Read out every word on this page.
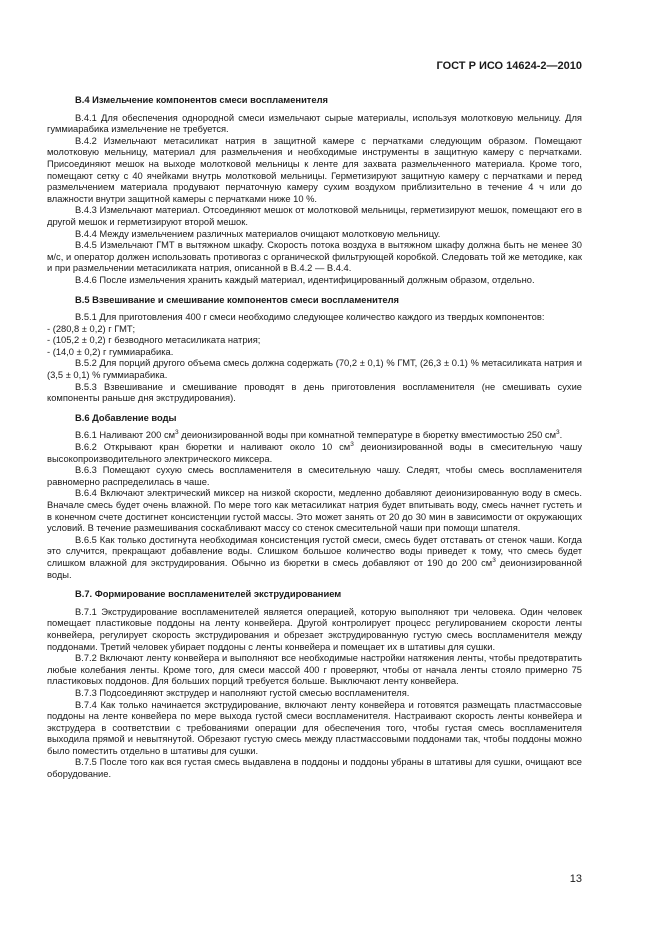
ГОСТ Р ИСО 14624-2—2010
В.4 Измельчение компонентов смеси воспламенителя

В.4.1 Для обеспечения однородной смеси измельчают сырые материалы, используя молотковую мельницу. Для гуммиарабика измельчение не требуется.

В.4.2 Измельчают метасиликат натрия в защитной камере с перчатками следующим образом. Помещают молотковую мельницу, материал для размельчения и необходимые инструменты в защитную камеру с перчатками. Присоединяют мешок на выходе молотковой мельницы к ленте для захвата размельченного материала. Кроме того, помещают сетку с 40 ячейками внутрь молотковой мельницы. Герметизируют защитную камеру с перчатками и перед размельчением материала продувают перчаточную камеру сухим воздухом приблизительно в течение 4 ч или до влажности внутри защитной камеры с перчатками ниже 10 %.

В.4.3 Измельчают материал. Отсоединяют мешок от молотковой мельницы, герметизируют мешок, помещают его в другой мешок и герметизируют второй мешок.

В.4.4 Между измельчением различных материалов очищают молотковую мельницу.

В.4.5 Измельчают ГМТ в вытяжном шкафу. Скорость потока воздуха в вытяжном шкафу должна быть не менее 30 м/с, и оператор должен использовать противогаз с органической фильтрующей коробкой. Следовать той же методике, как и при размельчении метасиликата натрия, описанной в В.4.2 — В.4.4.

В.4.6 После измельчения хранить каждый материал, идентифицированный должным образом, отдельно.

В.5 Взвешивание и смешивание компонентов смеси воспламенителя

В.5.1 Для приготовления 400 г смеси необходимо следующее количество каждого из твердых компонентов:

- (280,8 ± 0,2) г ГМТ;

- (105,2 ± 0,2) г безводного метасиликата натрия;

- (14,0 ± 0,2) г гуммиарабика.

В.5.2 Для порций другого объема смесь должна содержать (70,2 ± 0,1) % ГМТ, (26,3 ± 0.1) % метасиликата натрия и (3,5 ± 0,1) % гуммиарабика.

В.5.3 Взвешивание и смешивание проводят в день приготовления воспламенителя (не смешивать сухие компоненты раньше дня экструдирования).

В.6 Добавление воды

В.6.1 Наливают 200 $см^3$ деионизированной воды при комнатной температуре в бюретку вместимостью 250 $см^3$.

В.6.2 Открывают кран бюретки и наливают около 10 $см^3$ деионизированной воды в смесительную чашу высокопроизводительного электрического миксера.

В.6.3 Помещают сухую смесь воспламенителя в смесительную чашу. Следят, чтобы смесь воспламенителя равномерно распределилась в чаше.

В.6.4 Включают электрический миксер на низкой скорости, медленно добавляют деионизированную воду в смесь. Вначале смесь будет очень влажной. По мере того как метасиликат натрия будет впитывать воду, смесь начнет густеть и в конечном счете достигнет консистенции густой массы. Это может занять от 20 до 30 мин в зависимости от окружающих условий. В течение размешивания соскабливают массу со стенок смесительной чаши при помощи шпателя.

В.6.5 Как только достигнута необходимая консистенция густой смеси, смесь будет отставать от стенок чаши. Когда это случится, прекращают добавление воды. Слишком большое количество воды приведет к тому, что смесь будет слишком влажной для экструдирования. Обычно из бюретки в смесь добавляют от 190 до 200 $см^3$ деионизированной воды.

В.7. Формирование воспламенителей экструдированием

В.7.1 Экструдирование воспламенителей является операцией, которую выполняют три человека. Один человек помещает пластиковые поддоны на ленту конвейера. Другой контролирует процесс регулированием скорости ленты конвейера, регулирует скорость экструдирования и обрезает экструдированную густую смесь воспламенителя между поддонами. Третий человек убирает поддоны с ленты конвейера и помещает их в штативы для сушки.

В.7.2 Включают ленту конвейера и выполняют все необходимые настройки натяжения ленты, чтобы предотвратить любые колебания ленты. Кроме того, для смеси массой 400 г проверяют, чтобы от начала ленты стояло примерно 75 пластиковых поддонов. Для больших порций требуется больше. Выключают ленту конвейера.

В.7.3 Подсоединяют экструдер и наполняют густой смесью воспламенителя.

В.7.4 Как только начинается экструдирование, включают ленту конвейера и готовятся размещать пластмассовые поддоны на ленте конвейера по мере выхода густой смеси воспламенителя. Настраивают скорость ленты конвейера и экструдера в соответствии с требованиями операции для обеспечения того, чтобы густая смесь воспламенителя выходила прямой и невытянутой. Обрезают густую смесь между пластмассовыми поддонами так, чтобы поддоны можно было поместить отдельно в штативы для сушки.

В.7.5 После того как вся густая смесь выдавлена в поддоны и поддоны убраны в штативы для сушки, очищают все оборудование.

13
